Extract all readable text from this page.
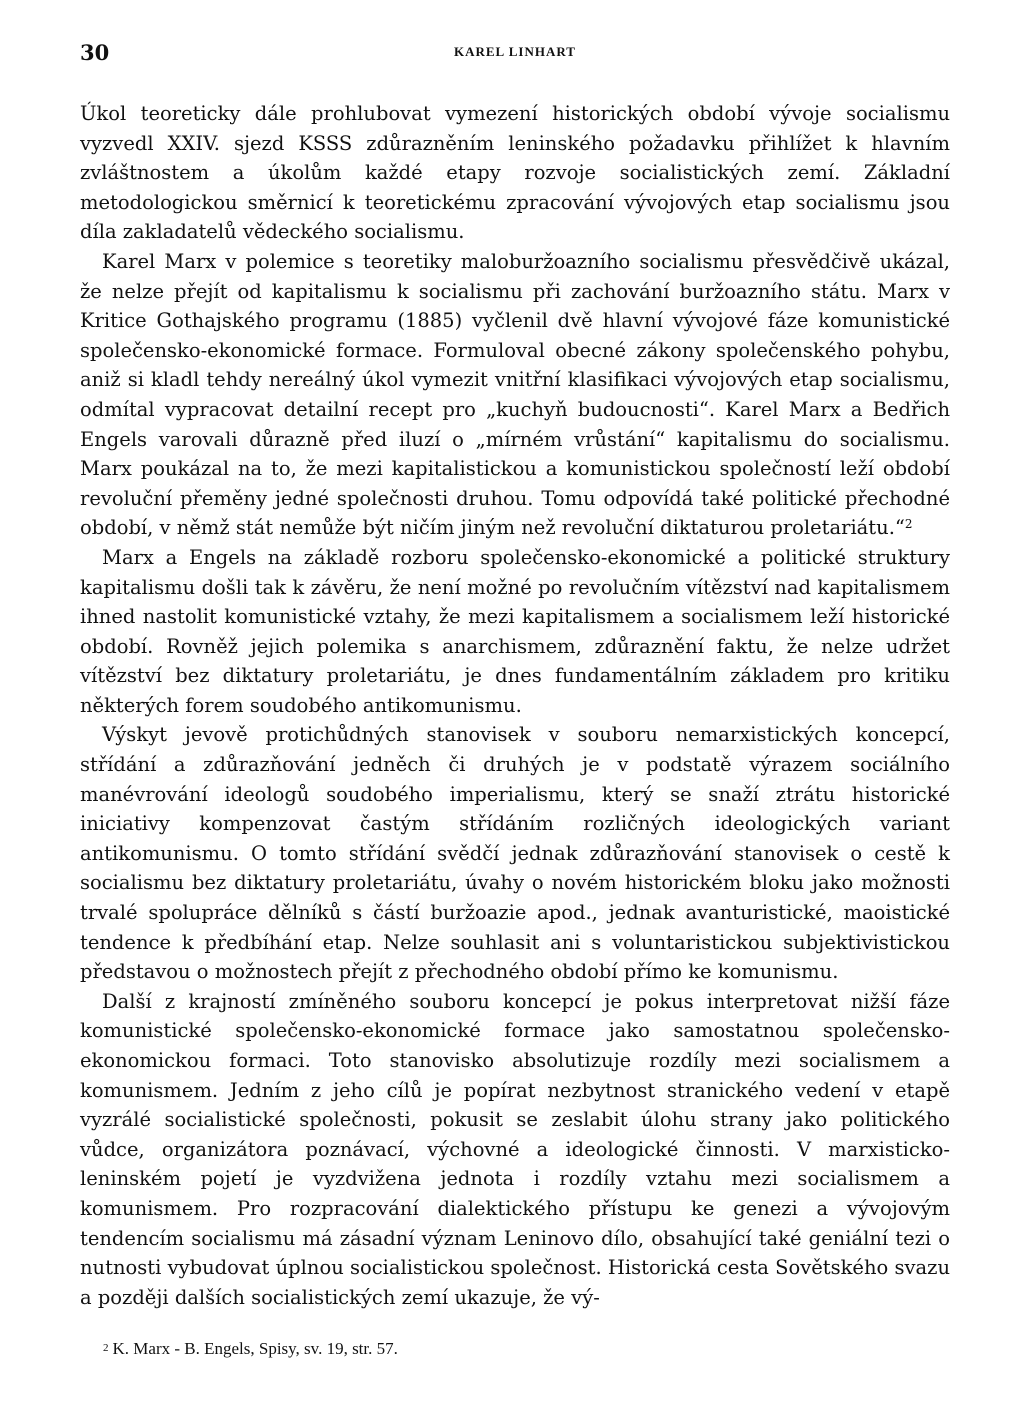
30	KAREL LINHART

Úkol teoreticky dále prohlubovat vymezení historických období vývoje socialismu vyzvedl XXIV. sjezd KSSS zdůrazněním leninského požadavku přihlížet k hlavním zvláštnostem a úkolům každé etapy rozvoje socialistických zemí. Základní metodologickou směrnicí k teoretickému zpracování vývojových etap socialismu jsou díla zakladatelů vědeckého socialismu.

Karel Marx v polemice s teoretiky maloburžoazního socialismu přesvědčivě ukázal, že nelze přejít od kapitalismu k socialismu při zachování buržoazního státu. Marx v Kritice Gothajského programu (1885) vyčlenil dvě hlavní vývojové fáze komunistické společensko-ekonomické formace. Formuloval obecné zákony společenského pohybu, aniž si kladl tehdy nereálný úkol vymezit vnitřní klasifikaci vývojových etap socialismu, odmítal vypracovat detailní recept pro „kuchyň budoucnosti“. Karel Marx a Bedřich Engels varovali důrazně před iluzí o „mírném vrůstání“ kapitalismu do socialismu. Marx poukázal na to, že mezi kapitalistickou a komunistickou společností leží období revoluční přeměny jedné společnosti druhou. Tomu odpovídá také politické přechodné období, v němž stát nemůže být ničím jiným než revoluční diktaturou proletariátu.“$^2$

Marx a Engels na základě rozboru společensko-ekonomické a politické struktury kapitalismu došli tak k závěru, že není možné po revolučním vítězství nad kapitalismem ihned nastolit komunistické vztahy, že mezi kapitalismem a socialismem leží historické období. Rovněž jejich polemika s anarchismem, zdůraznění faktu, že nelze udržet vítězství bez diktatury proletariátu, je dnes fundamentálním základem pro kritiku některých forem soudobého antikomunismu.

Výskyt jevově protichůdných stanovisek v souboru nemarxistických koncepcí, střídání a zdůrazňování jedněch či druhých je v podstatě výrazem sociálního manévrování ideologů soudobého imperialismu, který se snaží ztrátu historické iniciativy kompenzovat častým střídáním rozličných ideologických variant antikomunismu. O tomto střídání svědčí jednak zdůrazňování stanovisek o cestě k socialismu bez diktatury proletariátu, úvahy o novém historickém bloku jako možnosti trvalé spolupráce dělníků s částí buržoazie apod., jednak avanturistické, maoistické tendence k předbíhání etap. Nelze souhlasit ani s voluntaristickou subjektivistickou představou o možnostech přejít z přechodného období přímo ke komunismu.

Další z krajností zmíněného souboru koncepcí je pokus interpretovat nižší fáze komunistické společensko-ekonomické formace jako samostatnou společensko-ekonomickou formaci. Toto stanovisko absolutizuje rozdíly mezi socialismem a komunismem. Jedním z jeho cílů je popírat nezbytnost stranického vedení v etapě vyzrálé socialistické společnosti, pokusit se zeslabit úlohu strany jako politického vůdce, organizátora poznávací, výchovné a ideologické činnosti. V marxisticko-leninském pojetí je vyzdvižena jednota i rozdíly vztahu mezi socialismem a komunismem. Pro rozpracování dialektického přístupu ke genezi a vývojovým tendencím socialismu má zásadní význam Leninovo dílo, obsahující také geniální tezi o nutnosti vybudovat úplnou socialistickou společnost. Historická cesta Sovětského svazu a později dalších socialistických zemí ukazuje, že vý-

$^2$ K. Marx - B. Engels, Spisy, sv. 19, str. 57.
